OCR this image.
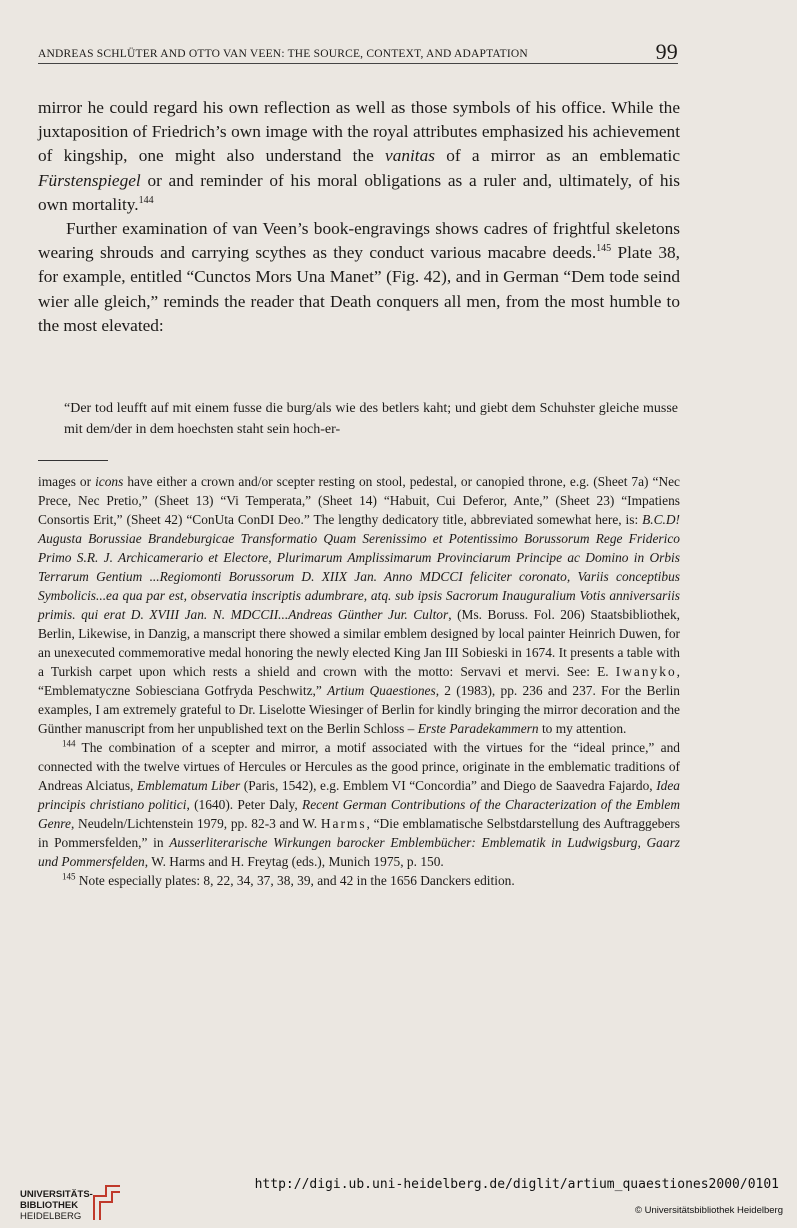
ANDREAS SCHLÜTER AND OTTO VAN VEEN: THE SOURCE, CONTEXT, AND ADAPTATION	99

mirror he could regard his own reflection as well as those symbols of his office. While the juxtaposition of Friedrich’s own image with the royal attributes emphasized his achievement of kingship, one might also understand the vanitas of a mirror as an emblematic Fürstenspiegel or and reminder of his moral obligations as a ruler and, ultimately, of his own mortality.$^{144}$

Further examination of van Veen’s book-engravings shows cadres of frightful skeletons wearing shrouds and carrying scythes as they conduct various macabre deeds.$^{145}$ Plate 38, for example, entitled “Cunctos Mors Una Manet” (Fig. 42), and in German “Dem tode seind wier alle gleich,” reminds the reader that Death conquers all men, from the most humble to the most elevated:

“Der tod leufft auf mit einem fusse die burg/als wie des betlers kaht; und giebt dem Schuhster gleiche musse mit dem/der in dem hoechsten staht sein hoch-er-

images or icons have either a crown and/or scepter resting on stool, pedestal, or canopied throne, e.g. (Sheet 7a) “Nec Prece, Nec Pretio,” (Sheet 13) “Vi Temperata,” (Sheet 14) “Habuit, Cui Deferor, Ante,” (Sheet 23) “Impatiens Consortis Erit,” (Sheet 42) “ConUta ConDI Deo.” The lengthy dedicatory title, abbreviated somewhat here, is: B.C.D! Augusta Borussiae Brandeburgicae Transformatio Quam Serenissimo et Potentissimo Borussorum Rege Friderico Primo S.R. J. Archicamerario et Electore, Plurimarum Amplissimarum Provinciarum Principe ac Domino in Orbis Terrarum Gentium ...Regiomonti Borussorum D. XIIX Jan. Anno MDCCI feliciter coronato, Variis conceptibus Symbolicis...ea qua par est, observatia inscriptis adumbrare, atq. sub ipsis Sacrorum Inauguralium Votis anniversariis primis. qui erat D. XVIII Jan. N. MDCCII...Andreas Günther Jur. Cultor, (Ms. Boruss. Fol. 206) Staatsbibliothek, Berlin, Likewise, in Danzig, a manscript there showed a similar emblem designed by local painter Heinrich Duwen, for an unexecuted commemorative medal honoring the newly elected King Jan III Sobieski in 1674. It presents a table with a Turkish carpet upon which rests a shield and crown with the motto: Servavi et mervi. See: E. Iwanyko, “Emblematyczne Sobiesciana Gotfryda Peschwitz,” Artium Quaestiones, 2 (1983), pp. 236 and 237. For the Berlin examples, I am extremely grateful to Dr. Liselotte Wiesinger of Berlin for kindly bringing the mirror decoration and the Günther manuscript from her unpublished text on the Berlin Schloss – Erste Paradekammern to my attention.

$^{144}$ The combination of a scepter and mirror, a motif associated with the virtues for the “ideal prince,” and connected with the twelve virtues of Hercules or Hercules as the good prince, originate in the emblematic traditions of Andreas Alciatus, Emblematum Liber (Paris, 1542), e.g. Emblem VI “Concordia” and Diego de Saavedra Fajardo, Idea principis christiano politici, (1640). Peter Daly, Recent German Contributions of the Characterization of the Emblem Genre, Neudeln/Lichtenstein 1979, pp. 82-3 and W. Harms, “Die emblamatische Selbstdarstellung des Auftraggebers in Pommersfelden,” in Ausserliterarische Wirkungen barocker Emblembücher: Emblematik in Ludwigsburg, Gaarz und Pommersfelden, W. Harms and H. Freytag (eds.), Munich 1975, p. 150.

$^{145}$ Note especially plates: 8, 22, 34, 37, 38, 39, and 42 in the 1656 Danckers edition.

UNIVERSITÄTS-
BIBLIOTHEK
HEIDELBERG
http://digi.ub.uni-heidelberg.de/diglit/artium_quaestiones2000/0101
© Universitätsbibliothek Heidelberg
